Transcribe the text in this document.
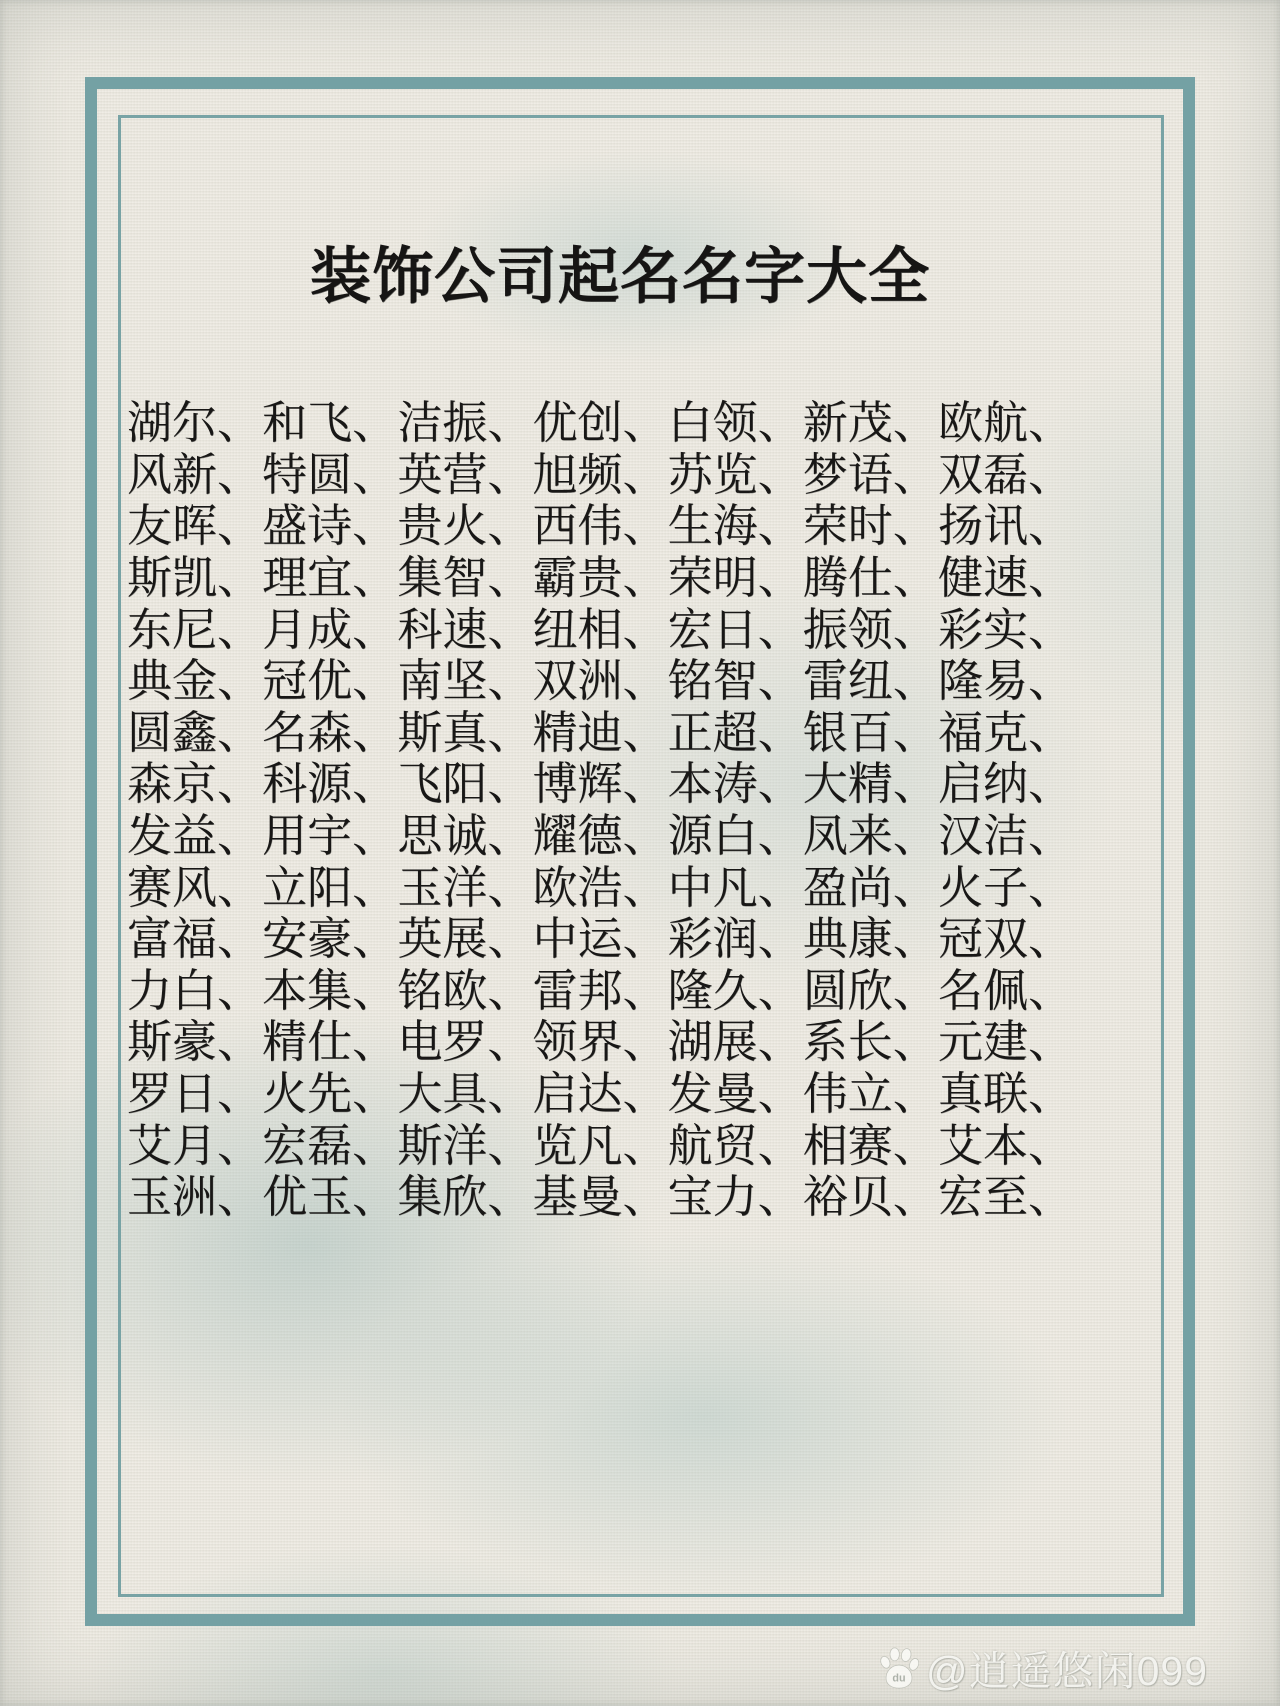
装饰公司起名名字大全
湖尔、 和飞、 洁振、 优创、 白领、 新茂、 欧航、
风新、 特圆、 英营、 旭频、 苏览、 梦语、 双磊、
友晖、 盛诗、 贵火、 西伟、 生海、 荣时、 扬讯、
斯凯、 理宜、 集智、 霸贵、 荣明、 腾仕、 健速、
东尼、 月成、 科速、 纽相、 宏日、 振领、 彩实、
典金、 冠优、 南坚、 双洲、 铭智、 雷纽、 隆易、
圆鑫、 名森、 斯真、 精迪、 正超、 银百、 福克、
森京、 科源、 飞阳、 博辉、 本涛、 大精、 启纳、
发益、 用宇、 思诚、 耀德、 源白、 凤来、 汉洁、
赛风、 立阳、 玉洋、 欧浩、 中凡、 盈尚、 火子、
富福、 安豪、 英展、 中运、 彩润、 典康、 冠双、
力白、 本集、 铭欧、 雷邦、 隆久、 圆欣、 名佩、
斯豪、 精仕、 电罗、 领界、 湖展、 系长、 元建、
罗日、 火先、 大具、 启达、 发曼、 伟立、 真联、
艾月、 宏磊、 斯洋、 览凡、 航贸、 相赛、 艾本、
玉洲、 优玉、 集欣、 基曼、 宝力、 裕贝、 宏至、
du @逍遥悠闲099
